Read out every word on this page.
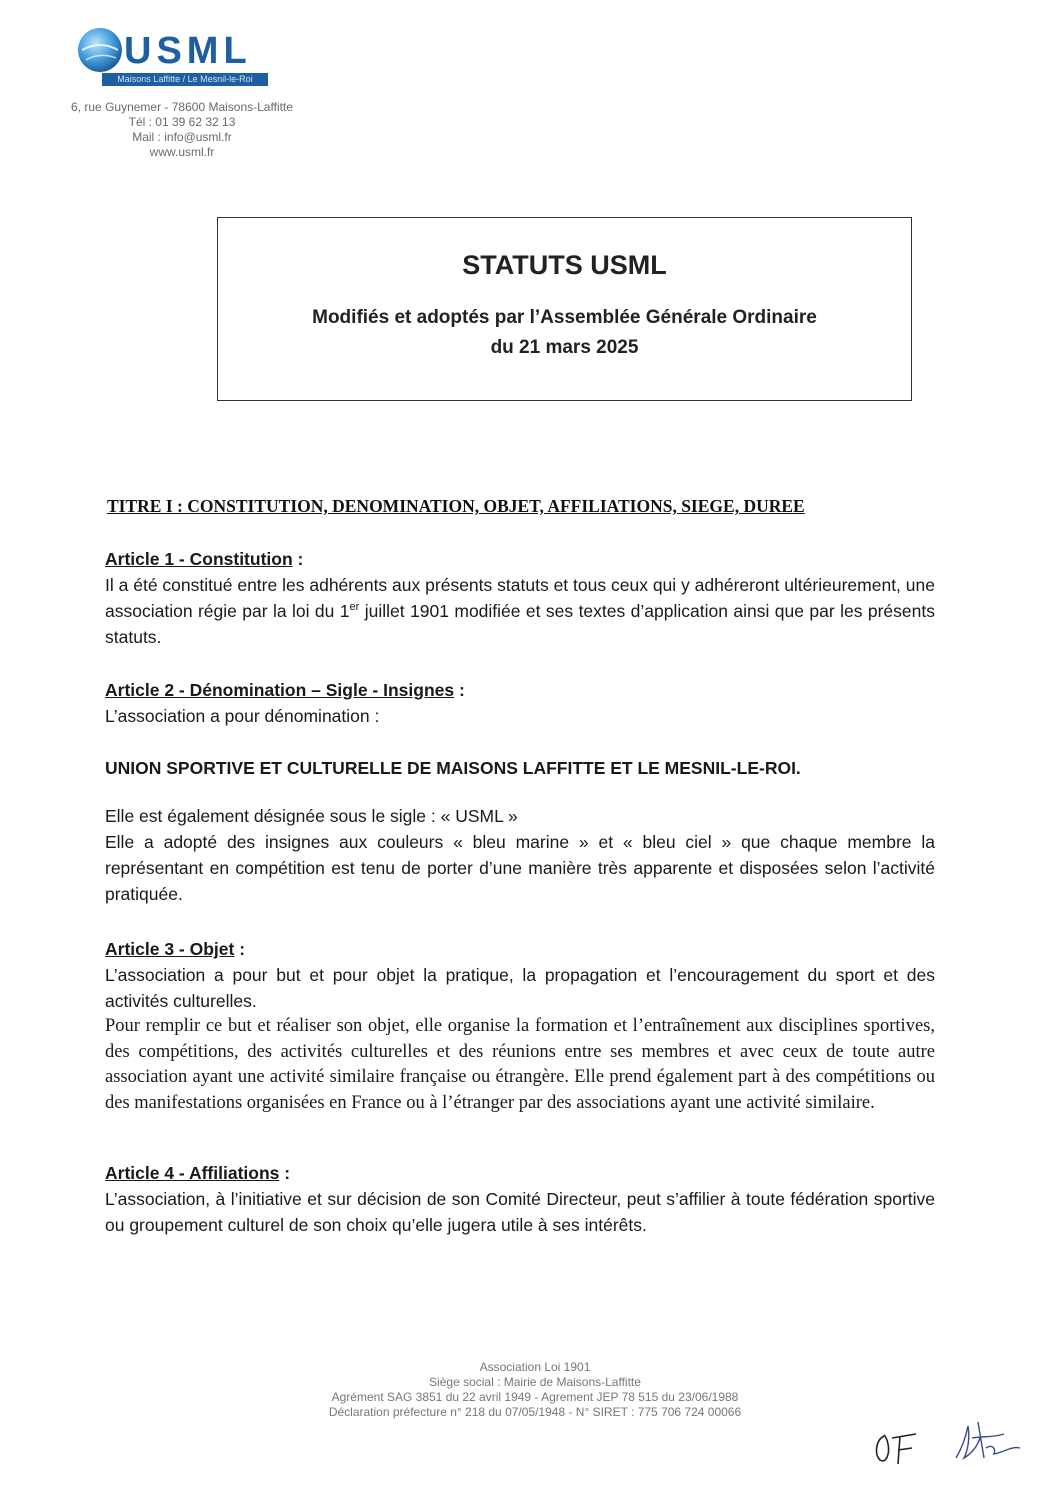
USML
Maisons Laffitte / Le Mesnil-le-Roi
6, rue Guynemer - 78600 Maisons-Laffitte
Tél : 01 39 62 32 13
Mail : info@usml.fr
www.usml.fr
STATUTS USML
Modifiés et adoptés par l’Assemblée Générale Ordinaire
du 21 mars 2025
TITRE I : CONSTITUTION, DENOMINATION, OBJET, AFFILIATIONS, SIEGE, DUREE
Article 1 - Constitution :

Il a été constitué entre les adhérents aux présents statuts et tous ceux qui y adhéreront ultérieurement, une association régie par la loi du 1er juillet 1901 modifiée et ses textes d’application ainsi que par les présents statuts.

Article 2 - Dénomination – Sigle - Insignes :

L’association a pour dénomination :

UNION SPORTIVE ET CULTURELLE DE MAISONS LAFFITTE ET LE MESNIL-LE-ROI.

Elle est également désignée sous le sigle : « USML »

Elle a adopté des insignes aux couleurs « bleu marine » et « bleu ciel » que chaque membre la représentant en compétition est tenu de porter d’une manière très apparente et disposées selon l’activité pratiquée.

Article 3 - Objet :

L’association a pour but et pour objet la pratique, la propagation et l’encouragement du sport et des activités culturelles.

Pour remplir ce but et réaliser son objet, elle organise la formation et l’entraînement aux disciplines sportives, des compétitions, des activités culturelles et des réunions entre ses membres et avec ceux de toute autre association ayant une activité similaire française ou étrangère. Elle prend également part à des compétitions ou des manifestations organisées en France ou à l’étranger par des associations ayant une activité similaire.

Article 4 - Affiliations :

L’association, à l’initiative et sur décision de son Comité Directeur, peut s’affilier à toute fédération sportive ou groupement culturel de son choix qu’elle jugera utile à ses intérêts.

Association Loi 1901
Siège social : Mairie de Maisons-Laffitte
Agrément SAG 3851 du 22 avril 1949 - Agrement JEP 78 515 du 23/06/1988
Déclaration préfecture n° 218 du 07/05/1948 - N° SIRET : 775 706 724 00066
